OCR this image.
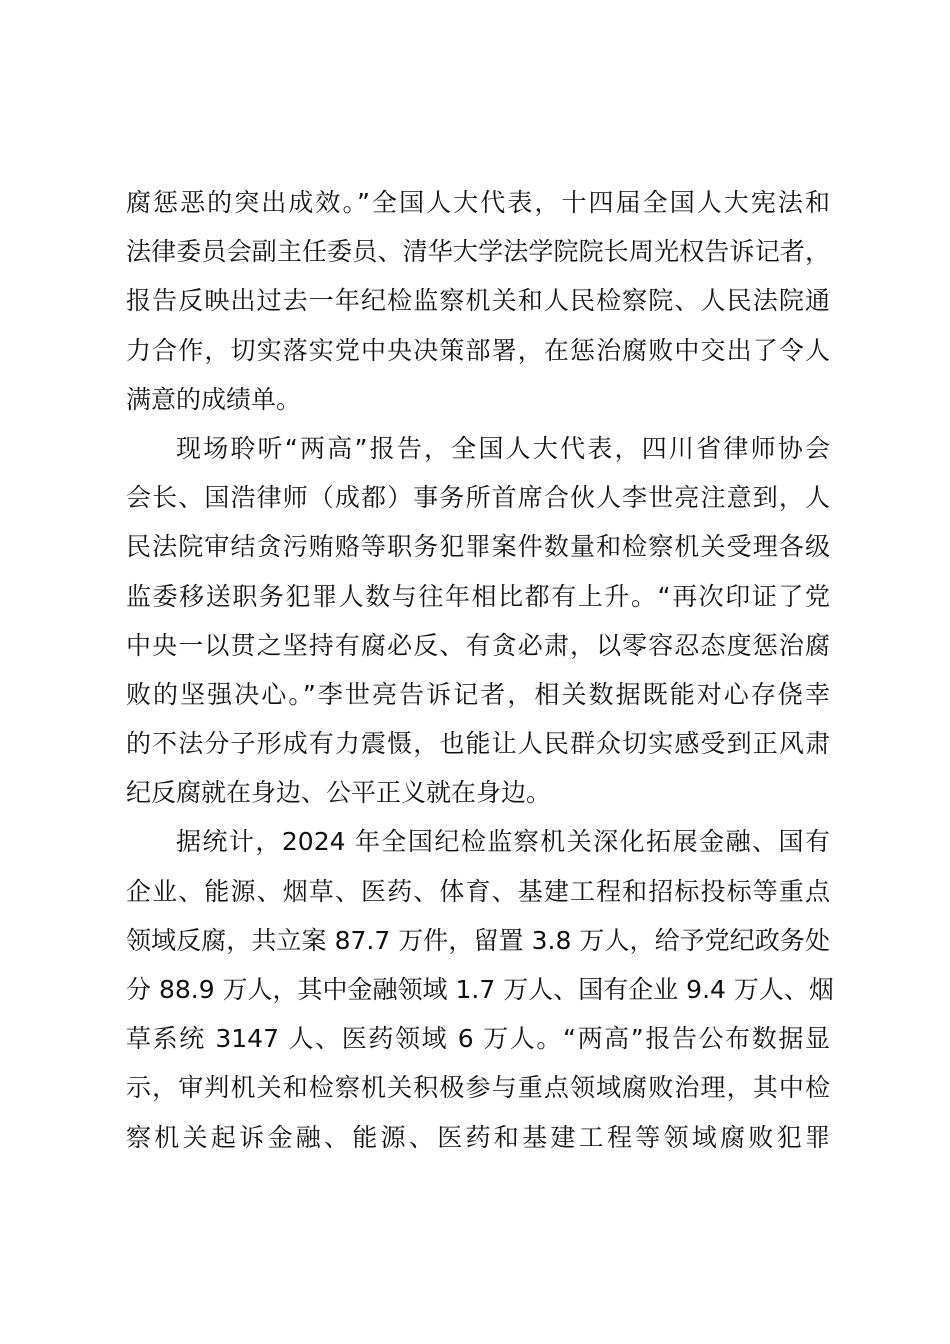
腐惩恶的突出成效。”全国人大代表，十四届全国人大宪法和
法律委员会副主任委员、清华大学法学院院长周光权告诉记者，
报告反映出过去一年纪检监察机关和人民检察院、人民法院通
力合作，切实落实党中央决策部署，在惩治腐败中交出了令人
满意的成绩单。
现场聆听“两高”报告，全国人大代表，四川省律师协会
会长、国浩律师（成都）事务所首席合伙人李世亮注意到，人
民法院审结贪污贿赂等职务犯罪案件数量和检察机关受理各级
监委移送职务犯罪人数与往年相比都有上升。“再次印证了党
中央一以贯之坚持有腐必反、有贪必肃，以零容忍态度惩治腐
败的坚强决心。”李世亮告诉记者，相关数据既能对心存侥幸
的不法分子形成有力震慑，也能让人民群众切实感受到正风肃
纪反腐就在身边、公平正义就在身边。
据统计，2024 年全国纪检监察机关深化拓展金融、国有
企业、能源、烟草、医药、体育、基建工程和招标投标等重点
领域反腐，共立案 87.7 万件，留置 3.8 万人，给予党纪政务处
分 88.9 万人，其中金融领域 1.7 万人、国有企业 9.4 万人、烟
草系统 3147 人、医药领域 6 万人。“两高”报告公布数据显
示，审判机关和检察机关积极参与重点领域腐败治理，其中检
察机关起诉金融、能源、医药和基建工程等领域腐败犯罪
